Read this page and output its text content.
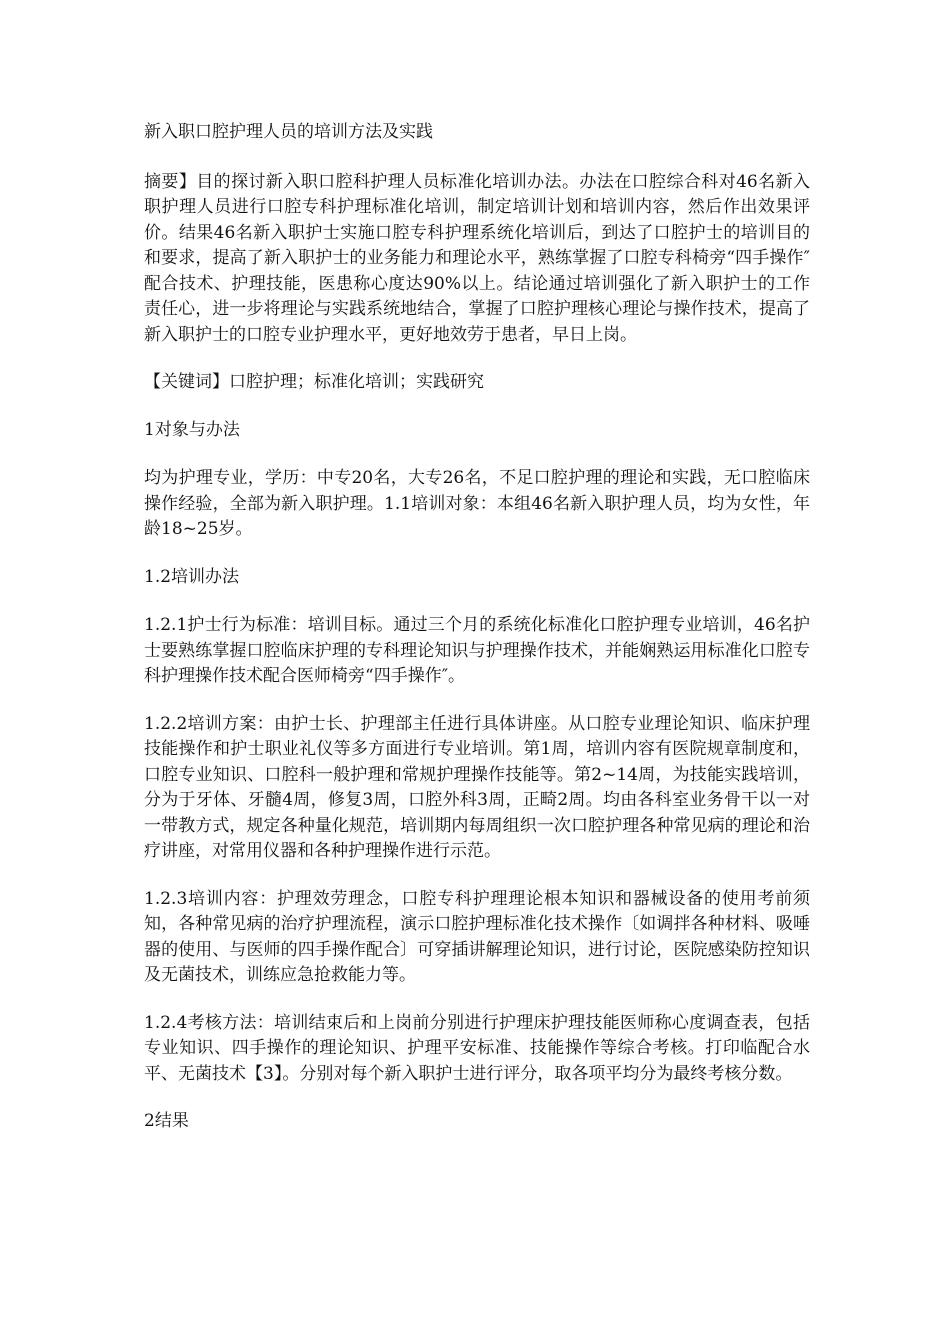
新入职口腔护理人员的培训方法及实践

摘要】目的探讨新入职口腔科护理人员标准化培训办法。办法在口腔综合科对46名新入职护理人员进行口腔专科护理标准化培训，制定培训计划和培训内容，然后作出效果评价。结果46名新入职护士实施口腔专科护理系统化培训后，到达了口腔护士的培训目的和要求，提高了新入职护士的业务能力和理论水平，熟练掌握了口腔专科椅旁“四手操作″配合技术、护理技能，医患称心度达90%以上。结论通过培训强化了新入职护士的工作责任心，进一步将理论与实践系统地结合，掌握了口腔护理核心理论与操作技术，提高了新入职护士的口腔专业护理水平，更好地效劳于患者，早日上岗。

【关键词】口腔护理；标准化培训；实践研究

1对象与办法

均为护理专业，学历：中专20名，大专26名，不足口腔护理的理论和实践，无口腔临床操作经验，全部为新入职护理。1.1培训对象：本组46名新入职护理人员，均为女性，年龄18~25岁。

1.2培训办法

1.2.1护士行为标准：培训目标。通过三个月的系统化标准化口腔护理专业培训，46名护士要熟练掌握口腔临床护理的专科理论知识与护理操作技术，并能娴熟运用标准化口腔专科护理操作技术配合医师椅旁“四手操作″。

1.2.2培训方案：由护士长、护理部主任进行具体讲座。从口腔专业理论知识、临床护理技能操作和护士职业礼仪等多方面进行专业培训。第1周，培训内容有医院规章制度和，口腔专业知识、口腔科一般护理和常规护理操作技能等。第2~14周，为技能实践培训，分为于牙体、牙髓4周，修复3周，口腔外科3周，正畸2周。均由各科室业务骨干以一对一带教方式，规定各种量化规范，培训期内每周组织一次口腔护理各种常见病的理论和治疗讲座，对常用仪器和各种护理操作进行示范。

1.2.3培训内容：护理效劳理念，口腔专科护理理论根本知识和器械设备的使用考前须知，各种常见病的治疗护理流程，演示口腔护理标准化技术操作〔如调拌各种材料、吸唾器的使用、与医师的四手操作配合〕可穿插讲解理论知识，进行讨论，医院感染防控知识及无菌技术，训练应急抢救能力等。

1.2.4考核方法：培训结束后和上岗前分别进行护理床护理技能医师称心度调查表，包括专业知识、四手操作的理论知识、护理平安标准、技能操作等综合考核。打印临配合水平、无菌技术【3】。分别对每个新入职护士进行评分，取各项平均分为最终考核分数。

2结果
